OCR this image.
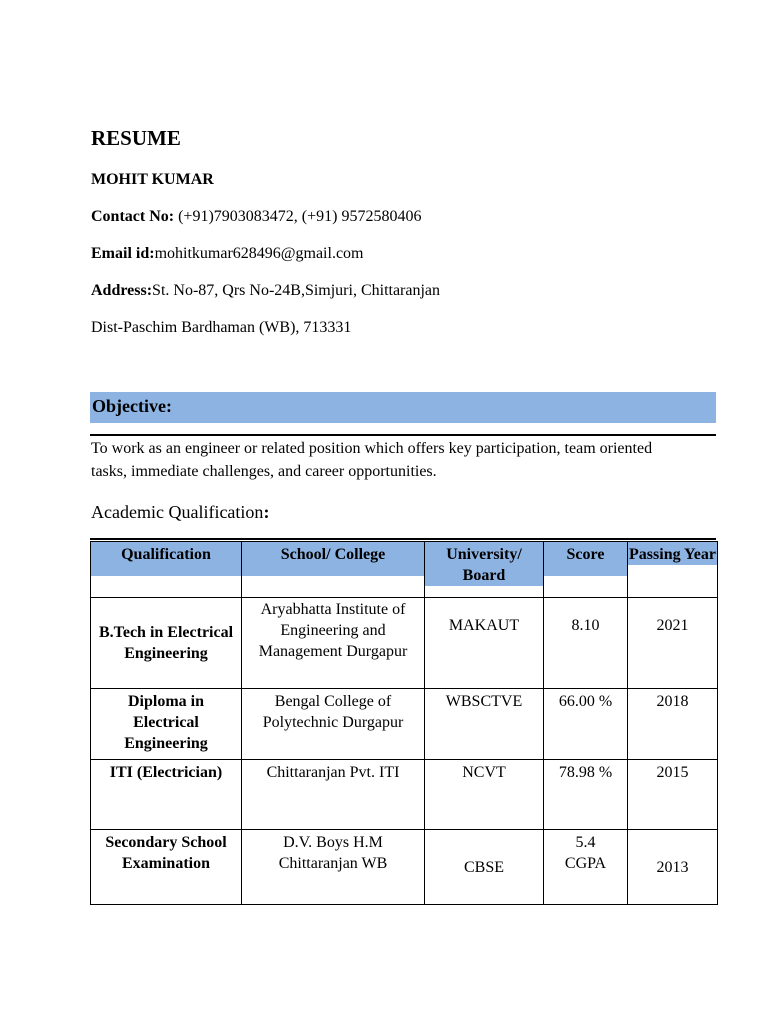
RESUME
MOHIT KUMAR
Contact No: (+91)7903083472, (+91) 9572580406
Email id:mohitkumar628496@gmail.com
Address:St. No-87, Qrs No-24B,Simjuri, Chittaranjan
Dist-Paschim Bardhaman (WB), 713331
Objective:
To work as an engineer or related position which offers key participation, team oriented tasks, immediate challenges, and career opportunities.
Academic Qualification:
Qualification	School/ College	University/ Board	Score	Passing Year

B.Tech in Electrical Engineering	Aryabhatta Institute of Engineering and Management Durgapur	MAKAUT	8.10	2021
Diploma in Electrical Engineering	Bengal College of Polytechnic Durgapur	WBSCTVE	66.00 %	2018
ITI (Electrician)	Chittaranjan Pvt. ITI	NCVT	78.98 %	2015
Secondary School Examination	D.V. Boys H.M Chittaranjan WB	CBSE	5.4 CGPA	2013
